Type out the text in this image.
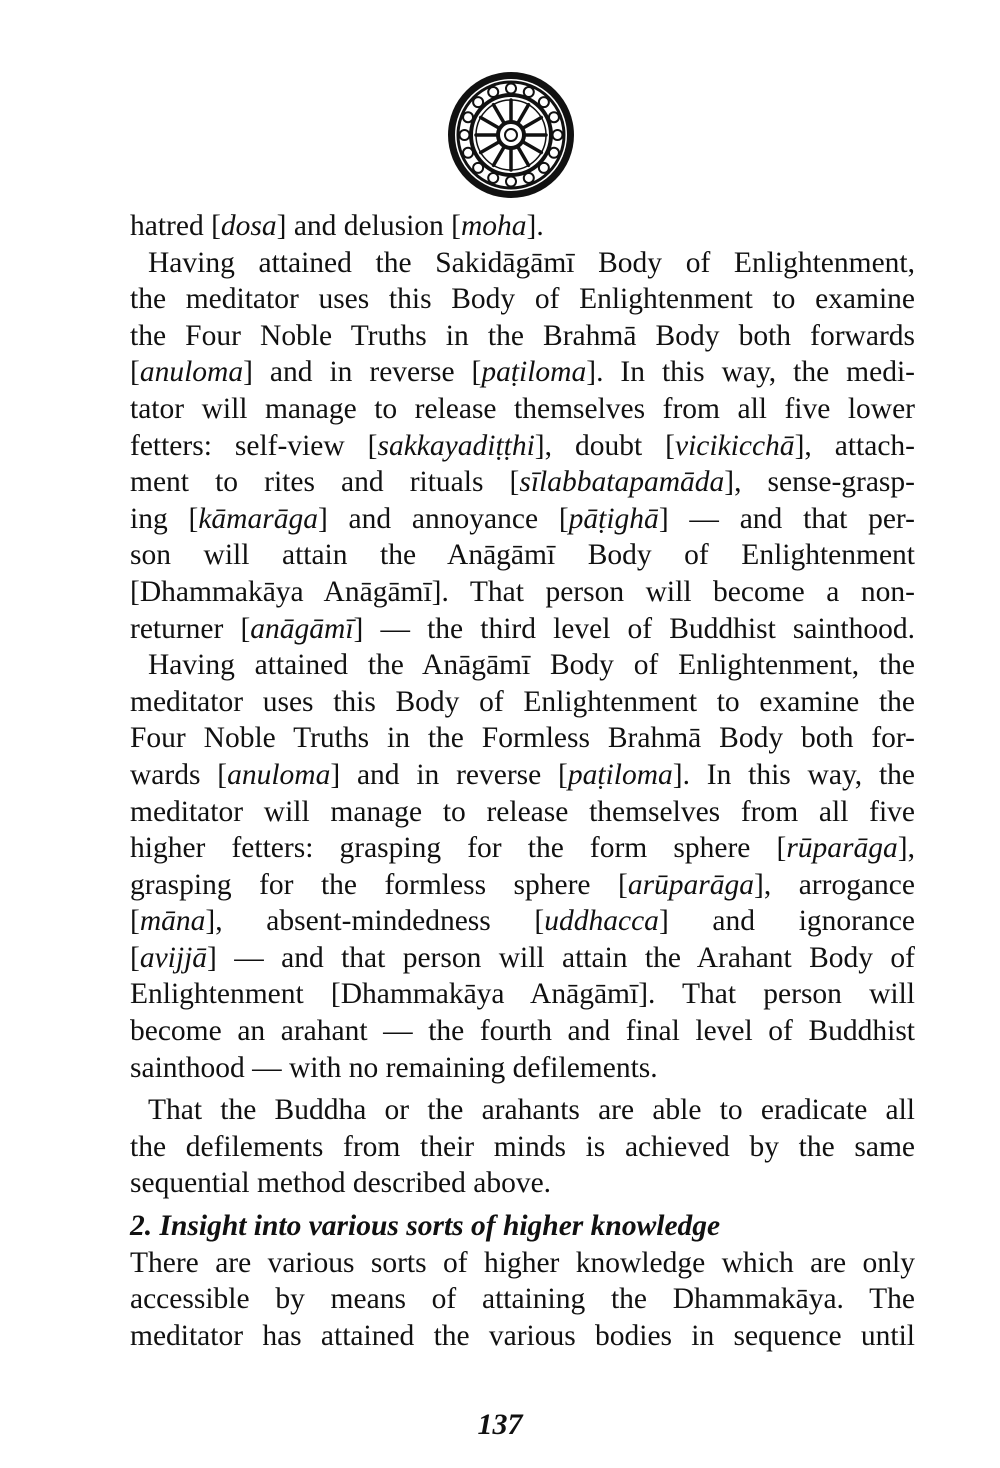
hatred [dosa] and delusion [moha].
Having attained the Sakidāgāmī Body of Enlightenment,
the meditator uses this Body of Enlightenment to examine
the Four Noble Truths in the Brahmā Body both forwards
[anuloma] and in reverse [paṭiloma]. In this way, the medi-
tator will manage to release themselves from all five lower
fetters: self-view [sakkayadiṭṭhi], doubt [vicikicchā], attach-
ment to rites and rituals [sīlabbatapamāda], sense-grasp-
ing [kāmarāga] and annoyance [pāṭighā] — and that per-
son will attain the Anāgāmī Body of Enlightenment
[Dhammakāya Anāgāmī]. That person will become a non-
returner [anāgāmī] — the third level of Buddhist sainthood.
Having attained the Anāgāmī Body of Enlightenment, the
meditator uses this Body of Enlightenment to examine the
Four Noble Truths in the Formless Brahmā Body both for-
wards [anuloma] and in reverse [paṭiloma]. In this way, the
meditator will manage to release themselves from all five
higher fetters: grasping for the form sphere [rūparāga],
grasping for the formless sphere [arūparāga], arrogance
[māna], absent-mindedness [uddhacca] and ignorance
[avijjā] — and that person will attain the Arahant Body of
Enlightenment [Dhammakāya Anāgāmī]. That person will
become an arahant — the fourth and final level of Buddhist
sainthood — with no remaining defilements.
That the Buddha or the arahants are able to eradicate all
the defilements from their minds is achieved by the same
sequential method described above.
2. Insight into various sorts of higher knowledge
There are various sorts of higher knowledge which are only
accessible by means of attaining the Dhammakāya. The
meditator has attained the various bodies in sequence until
137
